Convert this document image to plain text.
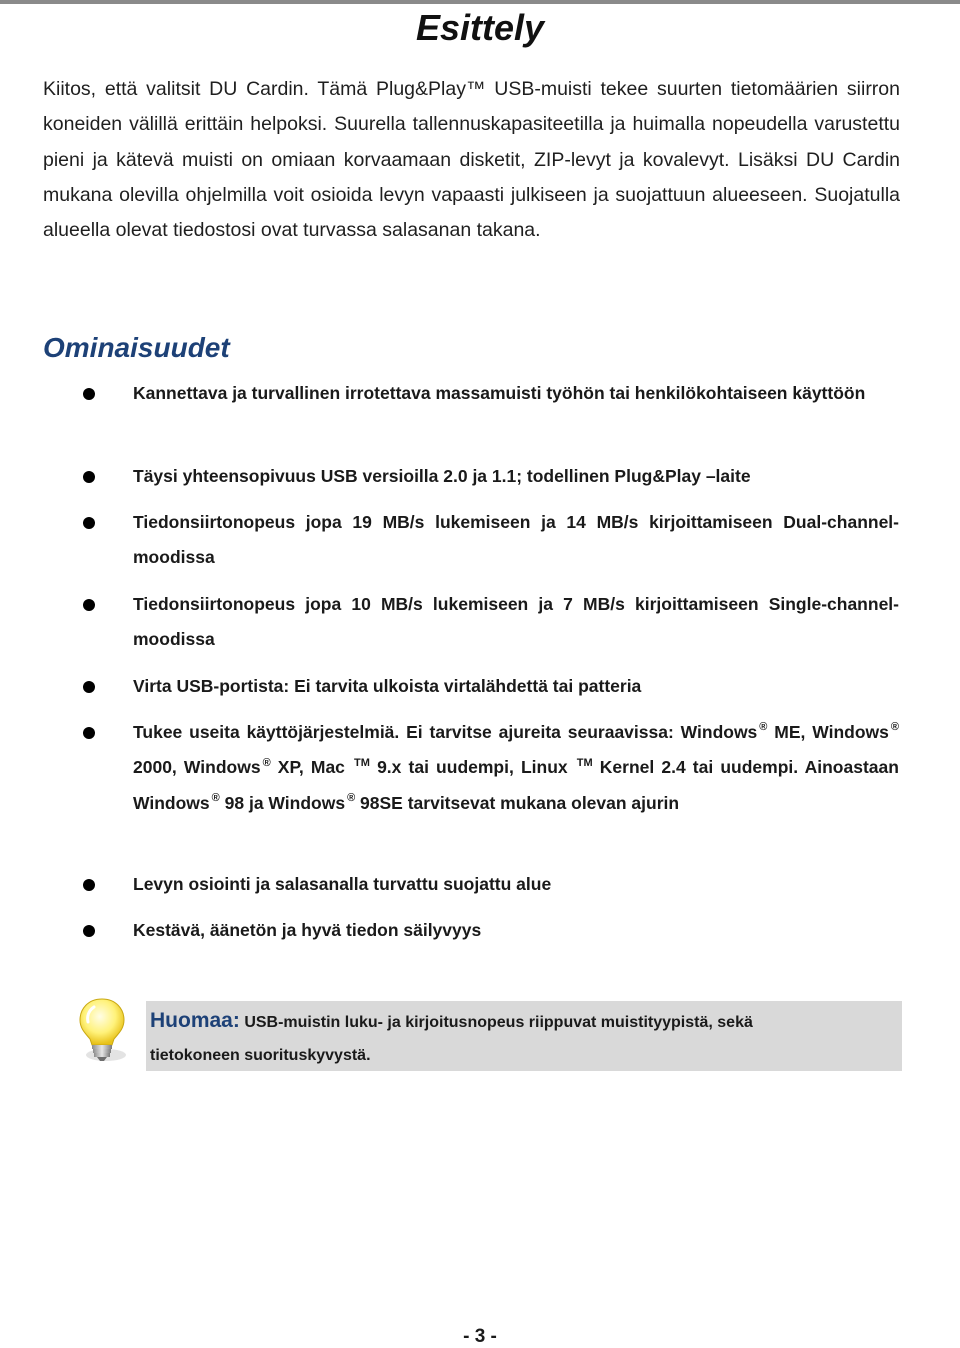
Esittely

Kiitos, että valitsit DU Cardin. Tämä Plug&Play™ USB-muisti tekee suurten tietomäärien siirron koneiden välillä erittäin helpoksi. Suurella tallennuskapasiteetilla ja huimalla nopeudella varustettu pieni ja kätevä muisti on omiaan korvaamaan disketit, ZIP-levyt ja kovalevyt. Lisäksi DU Cardin mukana olevilla ohjelmilla voit osioida levyn vapaasti julkiseen ja suojattuun alueeseen. Suojatulla alueella olevat tiedostosi ovat turvassa salasanan takana.

Ominaisuudet
Kannettava ja turvallinen irrotettava massamuisti työhön tai henkilökohtaiseen käyttöön
Täysi yhteensopivuus USB versioilla 2.0 ja 1.1; todellinen Plug&Play –laite
Tiedonsiirtonopeus jopa 19 MB/s lukemiseen ja 14 MB/s kirjoittamiseen Dual-channel-moodissa
Tiedonsiirtonopeus jopa 10 MB/s lukemiseen ja 7 MB/s kirjoittamiseen Single-channel-moodissa
Virta USB-portista: Ei tarvita ulkoista virtalähdettä tai patteria
Tukee useita käyttöjärjestelmiä. Ei tarvitse ajureita seuraavissa: Windows ® ME, Windows ® 2000, Windows ® XP, Mac ™ 9.x tai uudempi, Linux ™ Kernel 2.4 tai uudempi. Ainoastaan Windows ® 98 ja Windows ® 98SE tarvitsevat mukana olevan ajurin
Levyn osiointi ja salasanalla turvattu suojattu alue
Kestävä, äänetön ja hyvä tiedon säilyvyys
Huomaa: USB-muistin luku- ja kirjoitusnopeus riippuvat muistityypistä, sekä
tietokoneen suorituskyvystä.
- 3 -
